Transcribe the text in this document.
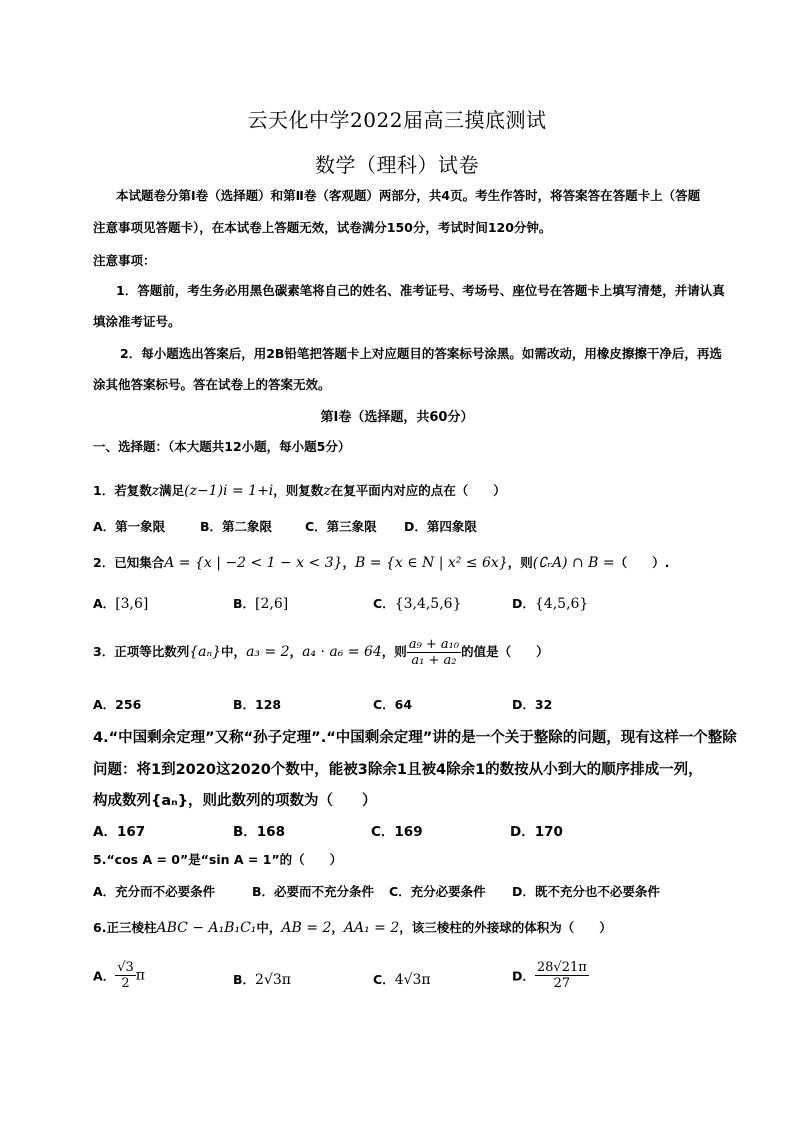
云天化中学2022届高三摸底测试
数学（理科）试卷
本试题卷分第Ⅰ卷（选择题）和第Ⅱ卷（客观题）两部分，共4页。考生作答时，将答案答在答题卡上（答题
注意事项见答题卡），在本试卷上答题无效，试卷满分150分，考试时间120分钟。
注意事项：
1．答题前，考生务必用黑色碳素笔将自己的姓名、准考证号、考场号、座位号在答题卡上填写清楚，并请认真
填涂准考证号。
2．每小题选出答案后，用2B铅笔把答题卡上对应题目的答案标号涂黑。如需改动，用橡皮擦擦干净后，再选
涂其他答案标号。答在试卷上的答案无效。
第Ⅰ卷（选择题，共60分）
一、选择题：（本大题共12小题，每小题5分）
1．若复数z满足(z−1)i = 1+i，则复数z在复平面内对应的点在（　　）
A．第一象限	B．第二象限	C．第三象限 D．第四象限
2．已知集合A = {x | −2 < 1 − x < 3}，B = {x ∈ N | x² ≤ 6x}，则(∁ᵣA) ∩ B =（　　）.
A．[3,6]	B．[2,6]	C．{3,4,5,6}	D．{4,5,6}
3．正项等比数列{aₙ}中，a₃ = 2，a₄ · a₆ = 64，则 $\frac{\text{a₉ + a₁₀}}{\text{a₁ + a₂}}$ 的值是（　　）
A．256	B．128	C．64	D．32
4.“中国剩余定理”又称“孙子定理”.“中国剩余定理”讲的是一个关于整除的问题，现有这样一个整除
问题：将1到2020这2020个数中，能被3除余1且被4除余1的数按从小到大的顺序排成一列，
构成数列{aₙ}，则此数列的项数为（　　）
A．167	B．168	C．169	D．170
5.“cos A = 0”是“sin A = 1”的（　　）
A．充分而不必要条件	B．必要而不充分条件 C．充分必要条件 D．既不充分也不必要条件
6.正三棱柱ABC − A₁B₁C₁中，AB = 2，AA₁ = 2，该三棱柱的外接球的体积为（　　）
A． $\frac{√3}{2}$ π	B．2√3π	C．4√3π	D． $\frac{28√21\pi}{27}$
